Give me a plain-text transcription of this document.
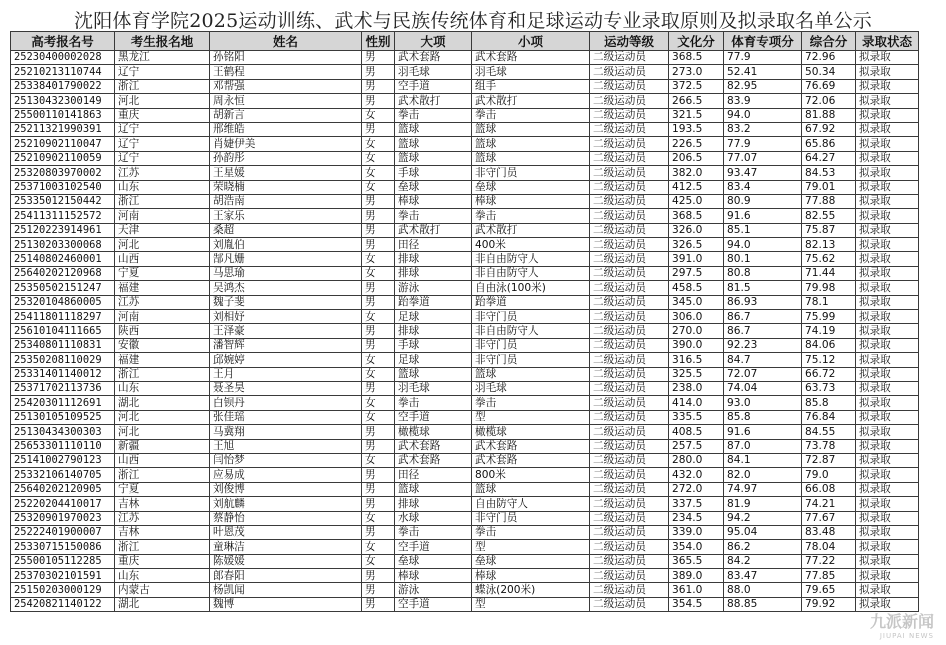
沈阳体育学院2025运动训练、武术与民族传统体育和足球运动专业录取原则及拟录取名单公示
高考报名号	考生报名地	姓名	性别	大项	小项	运动等级	文化分	体育专项分	综合分	录取状态
25230400002028	黑龙江	孙铭阳	男	武术套路	武术套路	二级运动员	368.5	77.9	72.96	拟录取
25210213110744	辽宁	王鹤程	男	羽毛球	羽毛球	二级运动员	273.0	52.41	50.34	拟录取
25338401790022	浙江	邓帮强	男	空手道	组手	二级运动员	372.5	82.95	76.69	拟录取
25130432300149	河北	周永恒	男	武术散打	武术散打	二级运动员	266.5	83.9	72.06	拟录取
25500110141863	重庆	胡新言	女	拳击	拳击	二级运动员	321.5	94.0	81.88	拟录取
25211321990391	辽宁	邢维皓	男	篮球	篮球	二级运动员	193.5	83.2	67.92	拟录取
25210902110047	辽宁	肖婕伊美	女	篮球	篮球	二级运动员	226.5	77.9	65.86	拟录取
25210902110059	辽宁	孙韵彤	女	篮球	篮球	二级运动员	206.5	77.07	64.27	拟录取
25320803970002	江苏	王星媛	女	手球	非守门员	二级运动员	382.0	93.47	84.53	拟录取
25371003102540	山东	荣晓楠	女	垒球	垒球	二级运动员	412.5	83.4	79.01	拟录取
25335012150442	浙江	胡浩南	男	棒球	棒球	二级运动员	425.0	80.9	77.88	拟录取
25411311152572	河南	王家乐	男	拳击	拳击	二级运动员	368.5	91.6	82.55	拟录取
25120223914961	天津	桑超	男	武术散打	武术散打	二级运动员	326.0	85.1	75.87	拟录取
25130203300068	河北	刘胤伯	男	田径	400米	二级运动员	326.5	94.0	82.13	拟录取
25140802460001	山西	郜凡姗	女	排球	非自由防守人	二级运动员	391.0	80.1	75.62	拟录取
25640202120968	宁夏	马思瑜	女	排球	非自由防守人	二级运动员	297.5	80.8	71.44	拟录取
25350502151247	福建	吴鸿杰	男	游泳	自由泳(100米)	二级运动员	458.5	81.5	79.98	拟录取
25320104860005	江苏	魏子斐	男	跆拳道	跆拳道	二级运动员	345.0	86.93	78.1	拟录取
25411801118297	河南	刘相妤	女	足球	非守门员	二级运动员	306.0	86.7	75.99	拟录取
25610104111665	陕西	王泽豪	男	排球	非自由防守人	二级运动员	270.0	86.7	74.19	拟录取
25340801110831	安徽	潘智辉	男	手球	非守门员	二级运动员	390.0	92.23	84.06	拟录取
25350208110029	福建	邱婉婷	女	足球	非守门员	二级运动员	316.5	84.7	75.12	拟录取
25331401140012	浙江	王月	女	篮球	篮球	二级运动员	325.5	72.07	66.72	拟录取
25371702113736	山东	聂圣昊	男	羽毛球	羽毛球	二级运动员	238.0	74.04	63.73	拟录取
25420301112691	湖北	白钡丹	女	拳击	拳击	二级运动员	414.0	93.0	85.8	拟录取
25130105109525	河北	张佳瑶	女	空手道	型	二级运动员	335.5	85.8	76.84	拟录取
25130434300303	河北	马冀翔	男	橄榄球	橄榄球	二级运动员	408.5	91.6	84.55	拟录取
25653301110110	新疆	王旭	男	武术套路	武术套路	二级运动员	257.5	87.0	73.78	拟录取
25141002790123	山西	闫怡梦	女	武术套路	武术套路	二级运动员	280.0	84.1	72.87	拟录取
25332106140705	浙江	应易成	男	田径	800米	二级运动员	432.0	82.0	79.0	拟录取
25640202120905	宁夏	刘俊博	男	篮球	篮球	二级运动员	272.0	74.97	66.08	拟录取
25220204410017	吉林	刘航麟	男	排球	自由防守人	二级运动员	337.5	81.9	74.21	拟录取
25320901970023	江苏	蔡静怡	女	水球	非守门员	二级运动员	234.5	94.2	77.67	拟录取
25222401900007	吉林	叶恩茂	男	拳击	拳击	二级运动员	339.0	95.04	83.48	拟录取
25330715150086	浙江	童琳洁	女	空手道	型	二级运动员	354.0	86.2	78.04	拟录取
25500105112285	重庆	陈媛媛	女	垒球	垒球	二级运动员	365.5	84.2	77.22	拟录取
25370302101591	山东	郎春阳	男	棒球	棒球	二级运动员	389.0	83.47	77.85	拟录取
25150203000129	内蒙古	杨凯闻	男	游泳	蝶泳(200米)	二级运动员	361.0	88.0	79.65	拟录取
25420821140122	湖北	魏博	男	空手道	型	二级运动员	354.5	88.85	79.92	拟录取
九派新闻
JIUPAI NEWS
